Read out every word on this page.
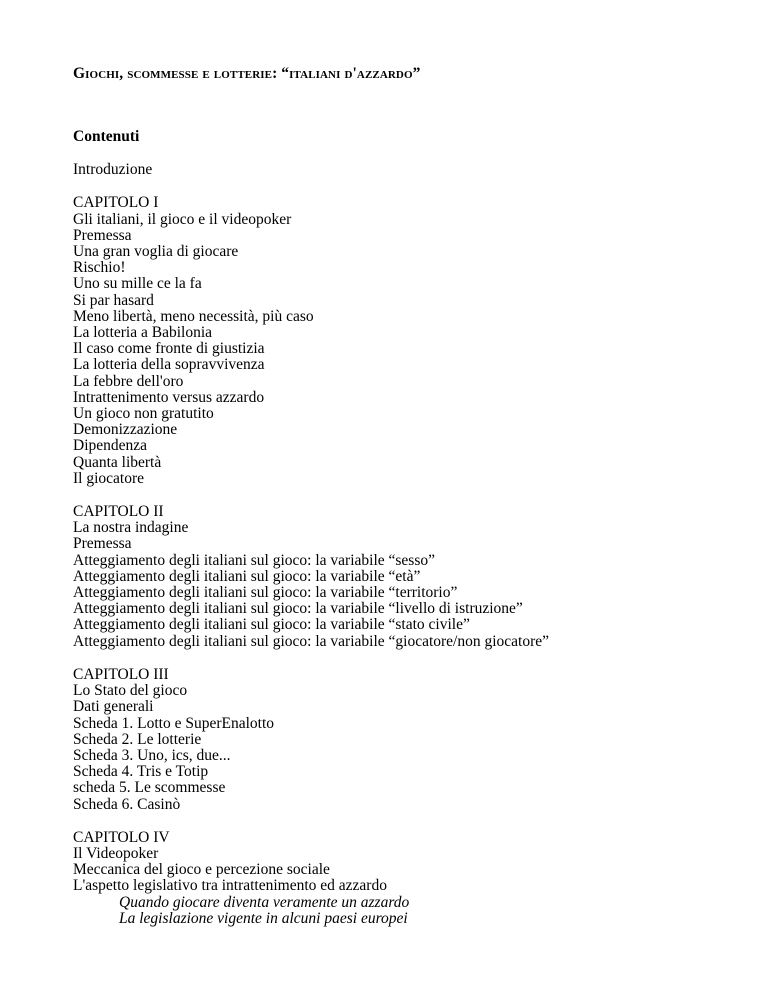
Giochi, scommesse e lotterie: “italiani d'azzardo”
Contenuti
Introduzione
CAPITOLO I
Gli italiani, il gioco e il videopoker
Premessa
Una gran voglia di giocare
Rischio!
Uno su mille ce la fa
Si par hasard
Meno libertà, meno necessità, più caso
La lotteria a Babilonia
Il caso come fronte di giustizia
La lotteria della sopravvivenza
La febbre dell'oro
Intrattenimento versus azzardo
Un gioco non gratutito
Demonizzazione
Dipendenza
Quanta libertà
Il giocatore
CAPITOLO II
La nostra indagine
Premessa
Atteggiamento degli italiani sul gioco: la variabile “sesso”
Atteggiamento degli italiani sul gioco: la variabile “età”
Atteggiamento degli italiani sul gioco: la variabile “territorio”
Atteggiamento degli italiani sul gioco: la variabile “livello di istruzione”
Atteggiamento degli italiani sul gioco: la variabile “stato civile”
Atteggiamento degli italiani sul gioco: la variabile “giocatore/non giocatore”
CAPITOLO III
Lo Stato del gioco
Dati generali
Scheda 1. Lotto e SuperEnalotto
Scheda 2. Le lotterie
Scheda 3. Uno, ics, due...
Scheda 4. Tris e Totip
scheda 5. Le scommesse
Scheda 6. Casinò
CAPITOLO IV
Il Videopoker
Meccanica del gioco e percezione sociale
L'aspetto legislativo tra intrattenimento ed azzardo
Quando giocare diventa veramente un azzardo
La legislazione vigente in alcuni paesi europei
